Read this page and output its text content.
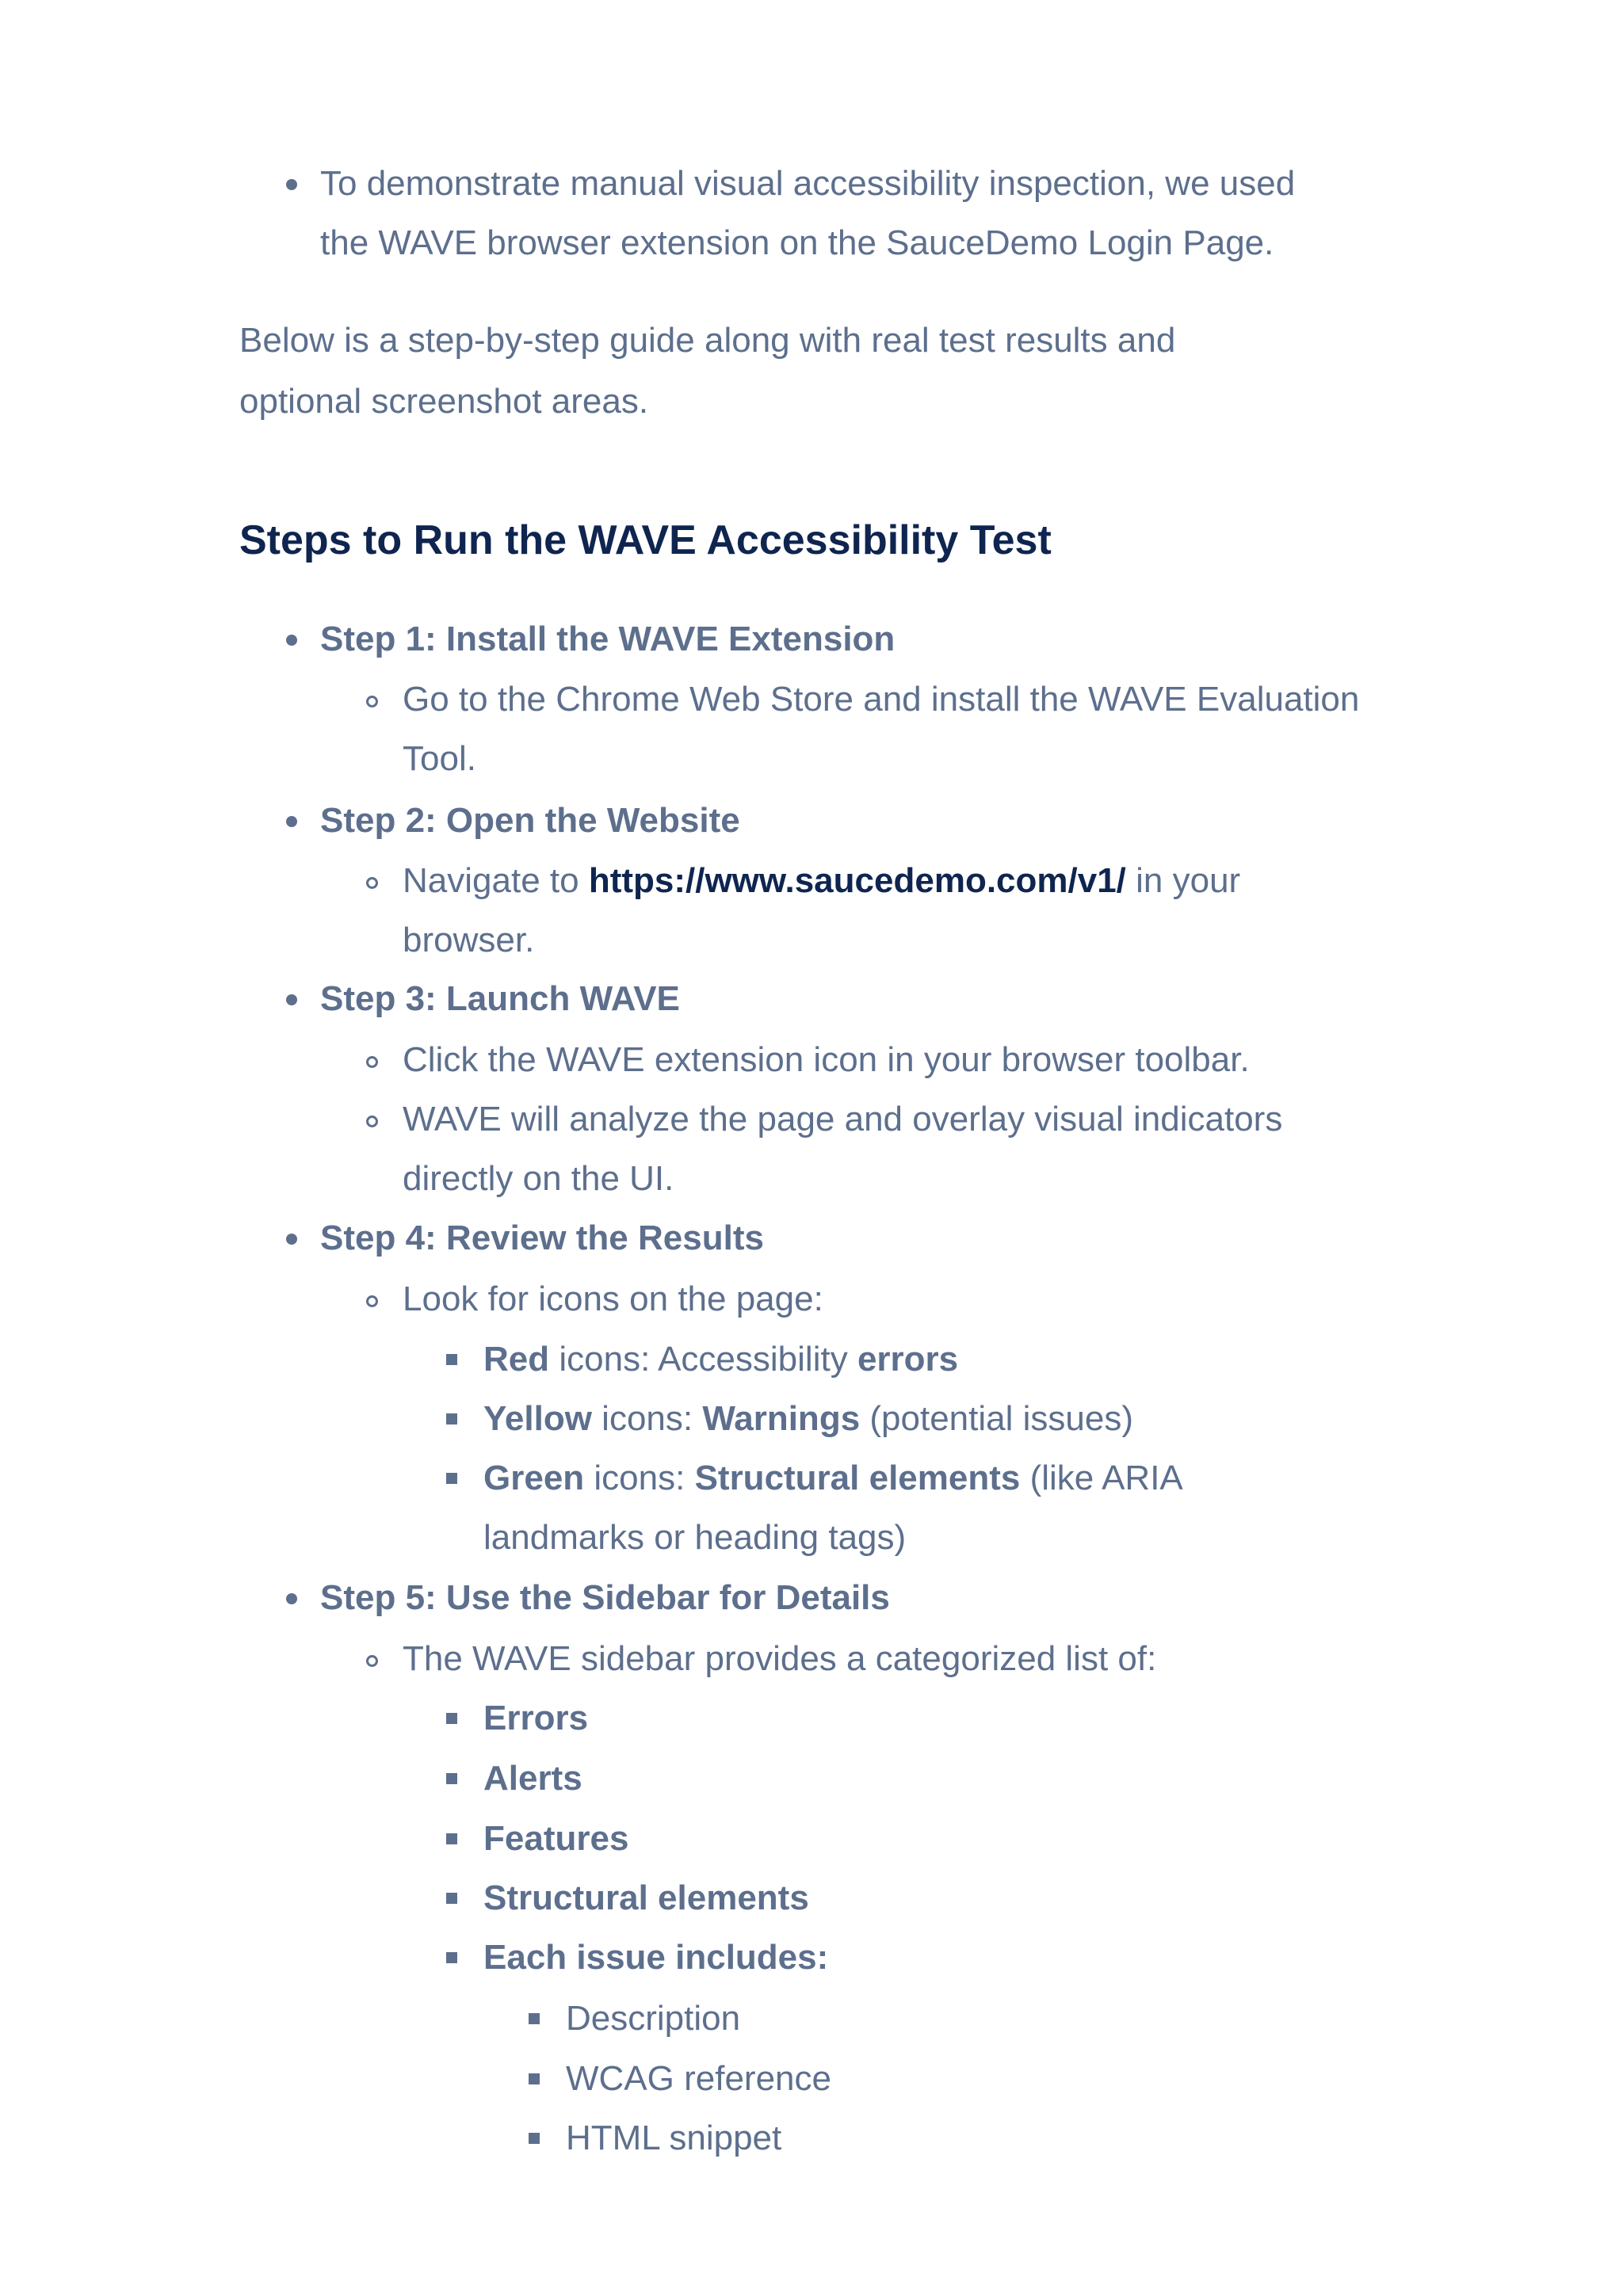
To demonstrate manual visual accessibility inspection, we used
the WAVE browser extension on the SauceDemo Login Page.
Below is a step-by-step guide along with real test results and
optional screenshot areas.
Steps to Run the WAVE Accessibility Test
Step 1: Install the WAVE Extension
Go to the Chrome Web Store and install the WAVE Evaluation
Tool.
Step 2: Open the Website
Navigate to https://www.saucedemo.com/v1/ in your
browser.
Step 3: Launch WAVE
Click the WAVE extension icon in your browser toolbar.
WAVE will analyze the page and overlay visual indicators
directly on the UI.
Step 4: Review the Results
Look for icons on the page:
Red icons: Accessibility errors
Yellow icons: Warnings (potential issues)
Green icons: Structural elements (like ARIA
landmarks or heading tags)
Step 5: Use the Sidebar for Details
The WAVE sidebar provides a categorized list of:
Errors
Alerts
Features
Structural elements
Each issue includes:
Description
WCAG reference
HTML snippet
